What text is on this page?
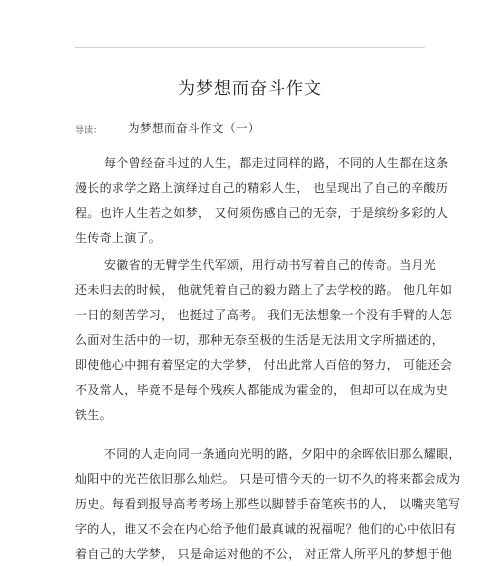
为梦想而奋斗作文
导读： 为梦想而奋斗作文（一）
每个曾经奋斗过的人生，都走过同样的路，不同的人生都在这条
漫长的求学之路上演绎过自己的精彩人生， 也呈现出了自己的辛酸历
程。也许人生若之如梦， 又何须伤感自己的无奈，于是缤纷多彩的人
生传奇上演了。
安徽省的无臂学生代军颂，用行动书写着自己的传奇。当月光
还未归去的时候， 他就凭着自己的毅力踏上了去学校的路。 他几年如
一日的刻苦学习， 也挺过了高考。 我们无法想象一个没有手臂的人怎
么面对生活中的一切，那种无奈至极的生活是无法用文字所描述的，
即使他心中拥有着坚定的大学梦， 付出此常人百倍的努力， 可能还会
不及常人，毕竟不是每个残疾人都能成为霍金的， 但却可以在成为史
铁生。
不同的人走向同一条通向光明的路，夕阳中的余晖依旧那么耀眼，
灿阳中的光芒依旧那么灿烂。 只是可惜今天的一切不久的将来都会成为
历史。每看到报导高考考场上那些以脚替手奋笔疾书的人， 以嘴夹笔写
字的人，谁又不会在内心给予他们最真诚的祝福呢？他们的心中依旧有
着自己的大学梦， 只是命运对他的不公， 对正常人所平凡的梦想于他
